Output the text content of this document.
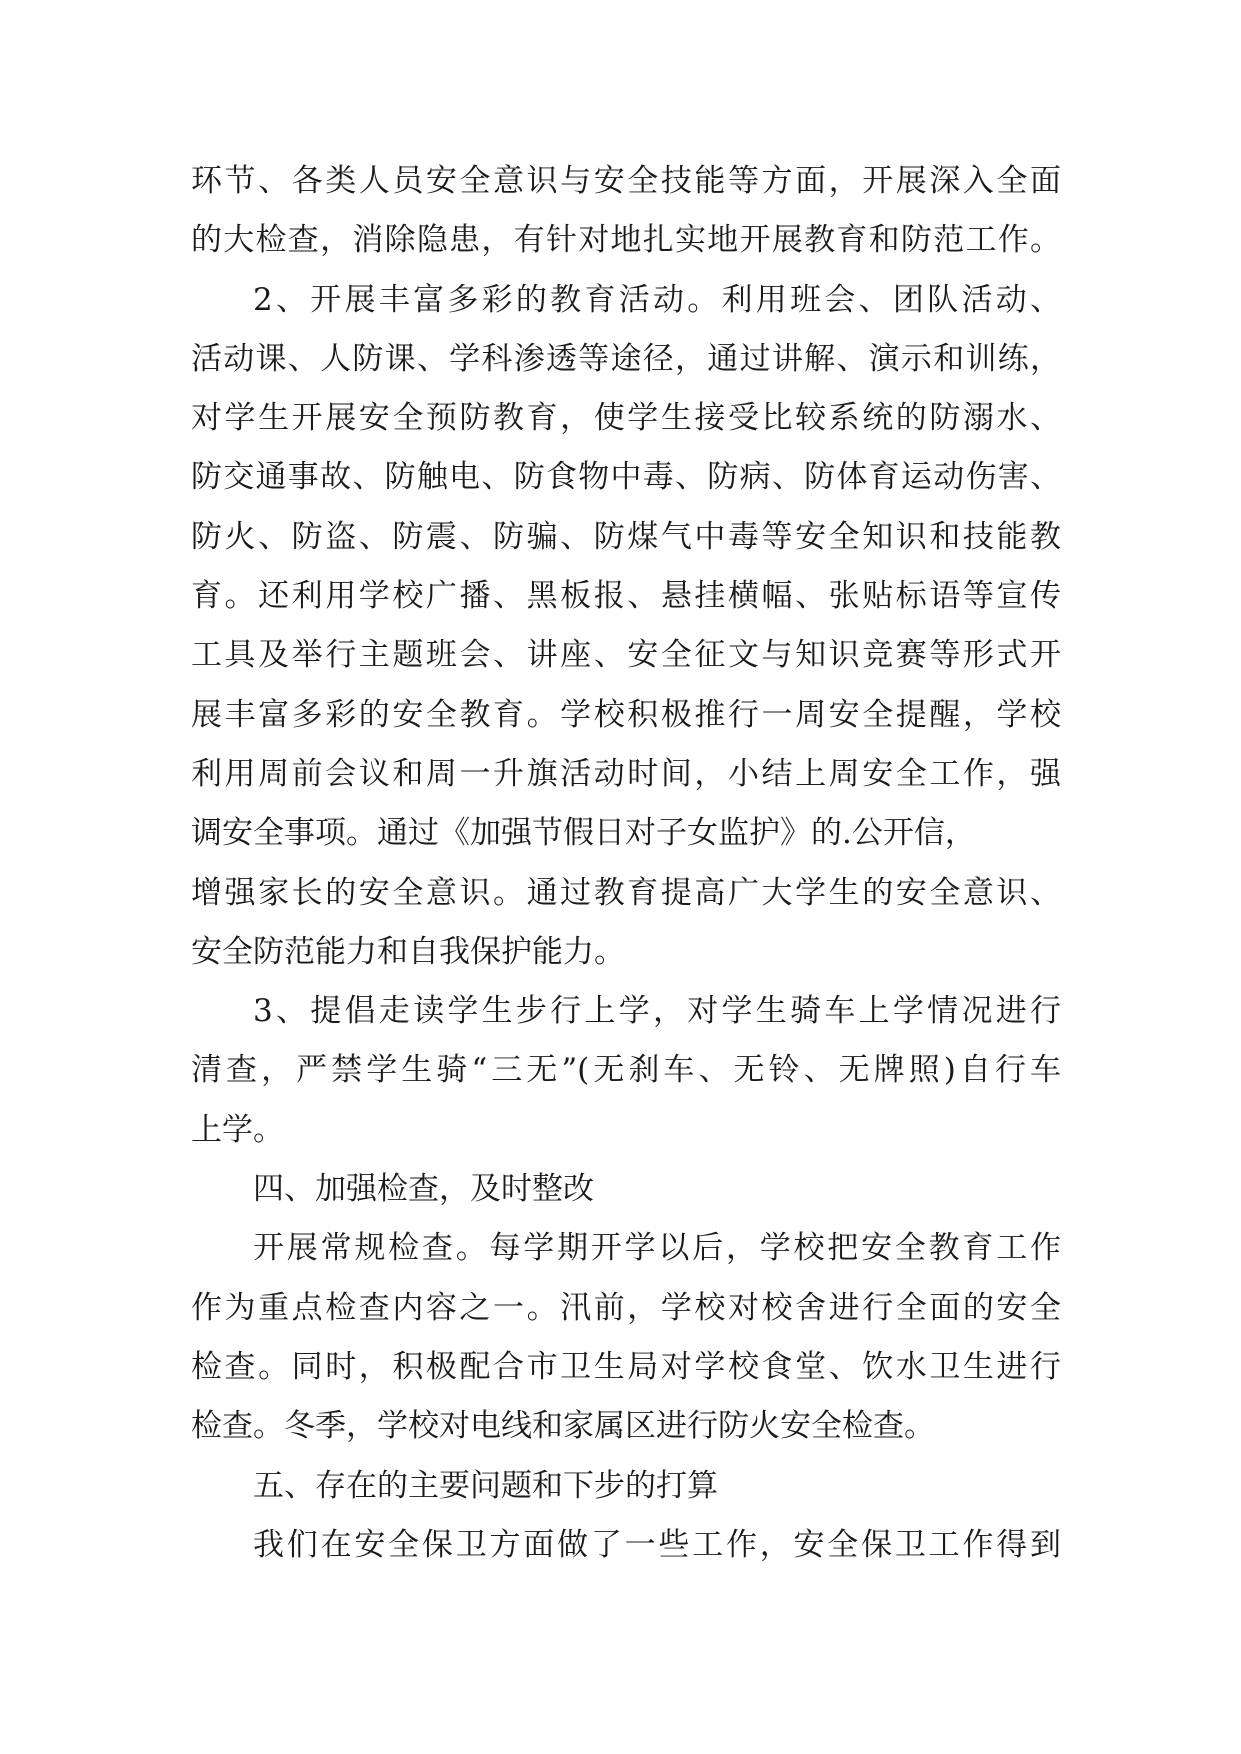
环节、各类人员安全意识与安全技能等方面，开展深入全面
的大检查，消除隐患，有针对地扎实地开展教育和防范工作。
2、开展丰富多彩的教育活动。利用班会、团队活动、
活动课、人防课、学科渗透等途径，通过讲解、演示和训练，
对学生开展安全预防教育，使学生接受比较系统的防溺水、
防交通事故、防触电、防食物中毒、防病、防体育运动伤害、
防火、防盗、防震、防骗、防煤气中毒等安全知识和技能教
育。还利用学校广播、黑板报、悬挂横幅、张贴标语等宣传
工具及举行主题班会、讲座、安全征文与知识竞赛等形式开
展丰富多彩的安全教育。学校积极推行一周安全提醒，学校
利用周前会议和周一升旗活动时间，小结上周安全工作，强
调安全事项。通过《加强节假日对子女监护》的.公开信，
增强家长的安全意识。通过教育提高广大学生的安全意识、
安全防范能力和自我保护能力。
3、提倡走读学生步行上学，对学生骑车上学情况进行
清查，严禁学生骑“三无”(无刹车、无铃、无牌照)自行车
上学。
四、加强检查，及时整改
开展常规检查。每学期开学以后，学校把安全教育工作
作为重点检查内容之一。汛前，学校对校舍进行全面的安全
检查。同时，积极配合市卫生局对学校食堂、饮水卫生进行
检查。冬季，学校对电线和家属区进行防火安全检查。
五、存在的主要问题和下步的打算
我们在安全保卫方面做了一些工作，安全保卫工作得到
